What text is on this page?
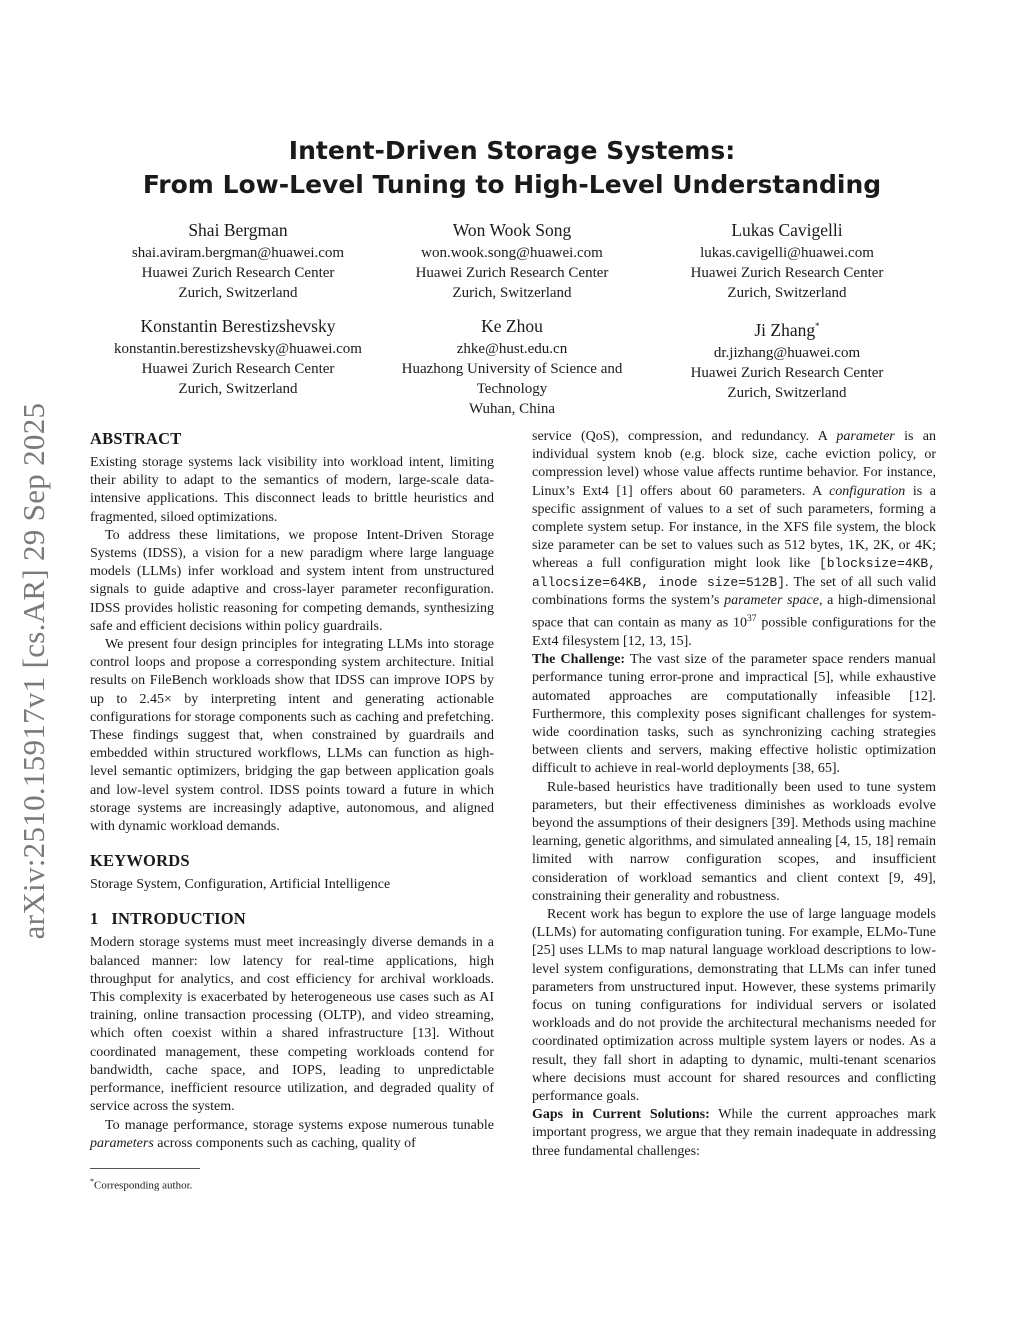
arXiv:2510.15917v1 [cs.AR] 29 Sep 2025
Intent-Driven Storage Systems:
From Low-Level Tuning to High-Level Understanding
Shai Bergman
shai.aviram.bergman@huawei.com
Huawei Zurich Research Center
Zurich, Switzerland
Won Wook Song
won.wook.song@huawei.com
Huawei Zurich Research Center
Zurich, Switzerland
Lukas Cavigelli
lukas.cavigelli@huawei.com
Huawei Zurich Research Center
Zurich, Switzerland
Konstantin Berestizshevsky
konstantin.berestizshevsky@huawei.com
Huawei Zurich Research Center
Zurich, Switzerland
Ke Zhou
zhke@hust.edu.cn
Huazhong University of Science and Technology
Wuhan, China
Ji Zhang*
dr.jizhang@huawei.com
Huawei Zurich Research Center
Zurich, Switzerland
ABSTRACT

Existing storage systems lack visibility into workload intent, limiting their ability to adapt to the semantics of modern, large-scale data-intensive applications. This disconnect leads to brittle heuristics and fragmented, siloed optimizations.

To address these limitations, we propose Intent-Driven Storage Systems (IDSS), a vision for a new paradigm where large language models (LLMs) infer workload and system intent from unstructured signals to guide adaptive and cross-layer parameter reconfiguration. IDSS provides holistic reasoning for competing demands, synthesizing safe and efficient decisions within policy guardrails.

We present four design principles for integrating LLMs into storage control loops and propose a corresponding system architecture. Initial results on FileBench workloads show that IDSS can improve IOPS by up to 2.45× by interpreting intent and generating actionable configurations for storage components such as caching and prefetching. These findings suggest that, when constrained by guardrails and embedded within structured workflows, LLMs can function as high-level semantic optimizers, bridging the gap between application goals and low-level system control. IDSS points toward a future in which storage systems are increasingly adaptive, autonomous, and aligned with dynamic workload demands.

KEYWORDS

Storage System, Configuration, Artificial Intelligence

1   INTRODUCTION

Modern storage systems must meet increasingly diverse demands in a balanced manner: low latency for real-time applications, high throughput for analytics, and cost efficiency for archival workloads. This complexity is exacerbated by heterogeneous use cases such as AI training, online transaction processing (OLTP), and video streaming, which often coexist within a shared infrastructure [13]. Without coordinated management, these competing workloads contend for bandwidth, cache space, and IOPS, leading to unpredictable performance, inefficient resource utilization, and degraded quality of service across the system.

To manage performance, storage systems expose numerous tunable parameters across components such as caching, quality of

service (QoS), compression, and redundancy. A parameter is an individual system knob (e.g. block size, cache eviction policy, or compression level) whose value affects runtime behavior. For instance, Linux’s Ext4 [1] offers about 60 parameters. A configuration is a specific assignment of values to a set of such parameters, forming a complete system setup. For instance, in the XFS file system, the block size parameter can be set to values such as 512 bytes, 1K, 2K, or 4K; whereas a full configuration might look like [blocksize=4KB, allocsize=64KB, inode size=512B]. The set of all such valid combinations forms the system’s parameter space, a high-dimensional space that can contain as many as $10^{37}$ possible configurations for the Ext4 filesystem [12, 13, 15].

The Challenge: The vast size of the parameter space renders manual performance tuning error-prone and impractical [5], while exhaustive automated approaches are computationally infeasible [12]. Furthermore, this complexity poses significant challenges for system-wide coordination tasks, such as synchronizing caching strategies between clients and servers, making effective holistic optimization difficult to achieve in real-world deployments [38, 65].

Rule-based heuristics have traditionally been used to tune system parameters, but their effectiveness diminishes as workloads evolve beyond the assumptions of their designers [39]. Methods using machine learning, genetic algorithms, and simulated annealing [4, 15, 18] remain limited with narrow configuration scopes, and insufficient consideration of workload semantics and client context [9, 49], constraining their generality and robustness.

Recent work has begun to explore the use of large language models (LLMs) for automating configuration tuning. For example, ELMo-Tune [25] uses LLMs to map natural language workload descriptions to low-level system configurations, demonstrating that LLMs can infer tuned parameters from unstructured input. However, these systems primarily focus on tuning configurations for individual servers or isolated workloads and do not provide the architectural mechanisms needed for coordinated optimization across multiple system layers or nodes. As a result, they fall short in adapting to dynamic, multi-tenant scenarios where decisions must account for shared resources and conflicting performance goals.

Gaps in Current Solutions: While the current approaches mark important progress, we argue that they remain inadequate in addressing three fundamental challenges:

*Corresponding author.
